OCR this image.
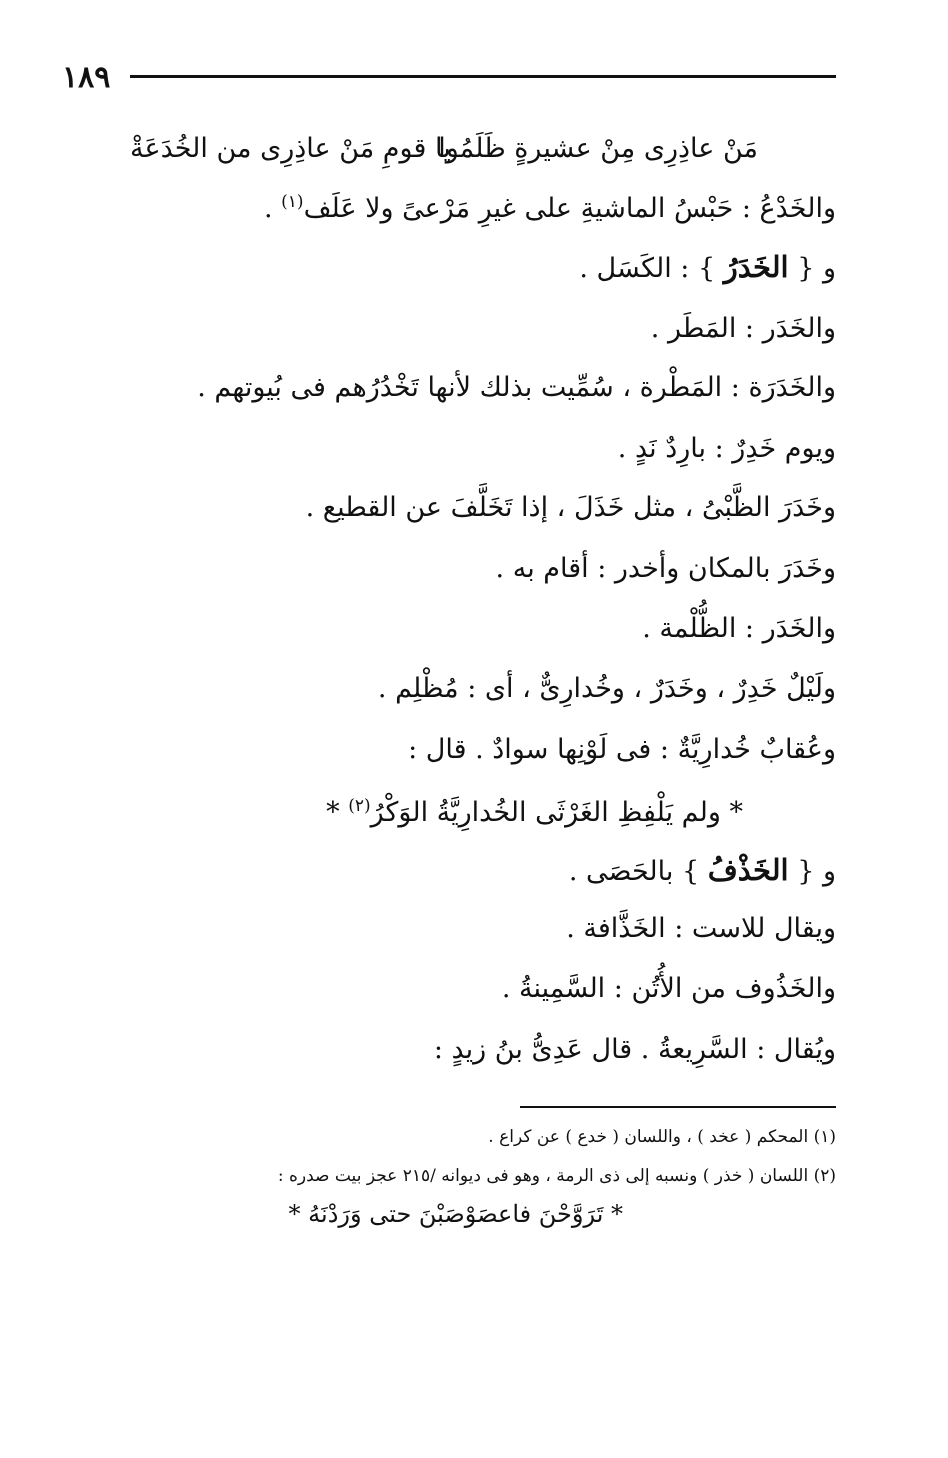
١٨٩
مَنْ عاذِرِى مِنْ عشيرةٍ ظَلَمُوا
يا قومِ مَنْ عاذِرِى من الخُدَعَةْ
والخَدْعُ : حَبْسُ الماشيةِ على غيرِ مَرْعىً ولا عَلَف$^{(١)}$ .
و { الخَدَرُ } : الكَسَل .
والخَدَر : المَطَر .
والخَدَرَة : المَطْرة ، سُمِّيت بذلك لأنها تَخْدُرُهم فى بُيوتهم .
ويوم خَدِرٌ : بارِدٌ نَدٍ .
وخَدَرَ الظَّبْىُ ، مثل خَذَلَ ، إذا تَخَلَّفَ عن القطيع .
وخَدَرَ بالمكان وأخدر : أقام به .
والخَدَر : الظُّلْمة .
ولَيْلٌ خَدِرٌ ، وخَدَرٌ ، وخُدارِىٌّ ، أى : مُظْلِم .
وعُقابٌ خُدارِيَّةٌ : فى لَوْنِها سوادٌ . قال :
* ولم يَلْفِظِ الغَرْثَى الخُدارِيَّةُ الوَكْرُ$^{(٢)}$ *
و { الخَذْفُ } بالحَصَى .
ويقال للاست : الخَذَّافة .
والخَذُوف من الأُتُن : السَّمِينةُ .
ويُقال : السَّرِيعةُ . قال عَدِىُّ بنُ زيدٍ :
(١) المحكم ( عخد ) ، واللسان ( خدع ) عن كراع .
(٢) اللسان ( خذر ) ونسبه إلى ذى الرمة ، وهو فى ديوانه /٢١٥ عجز بيت صدره :
* تَرَوَّحْنَ فاعصَوْصَبْنَ حتى وَرَدْنَهُ *
